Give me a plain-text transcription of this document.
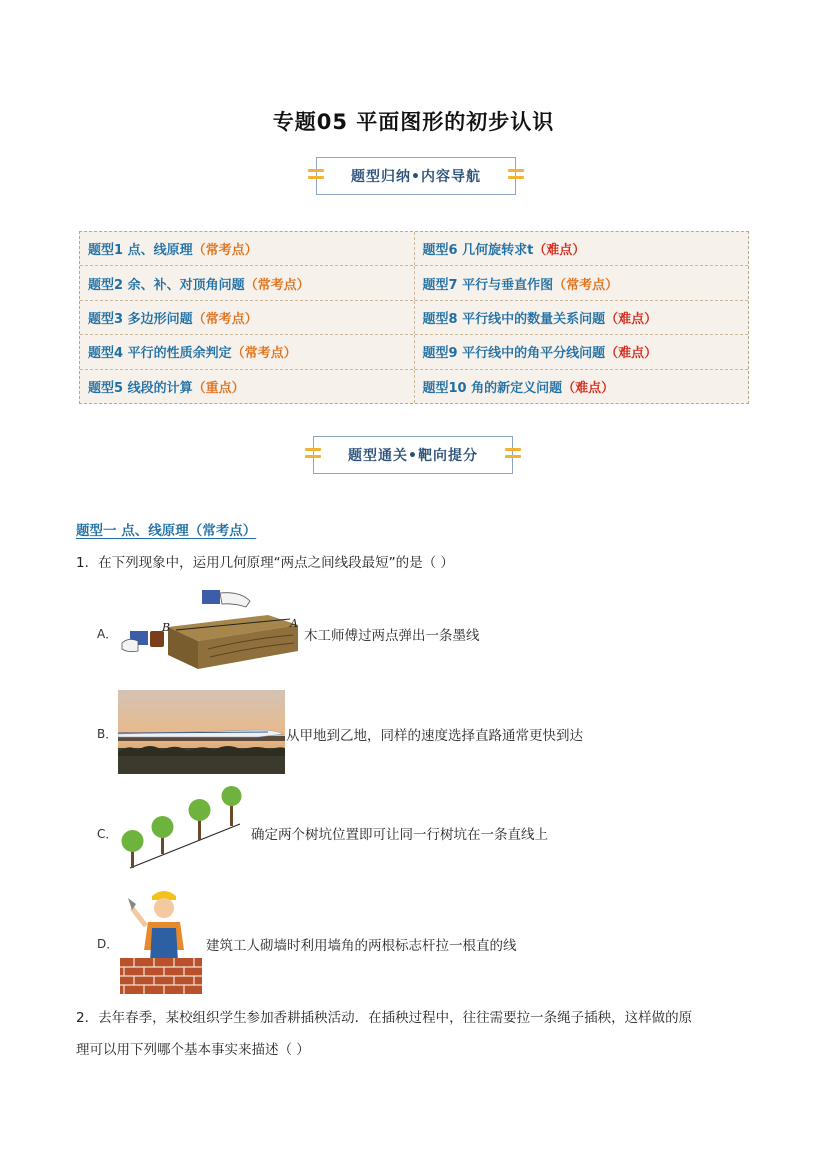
专题05 平面图形的初步认识
题型归纳•内容导航
题型1 点、线原理 （常考点）	题型6 几何旋转求t （难点）
题型2 余、补、对顶角问题 （常考点）	题型7 平行与垂直作图 （常考点）
题型3 多边形问题 （常考点）	题型8 平行线中的数量关系问题 （难点）
题型4 平行的性质余判定 （常考点）	题型9 平行线中的角平分线问题 （难点）
题型5 线段的计算 （重点）	题型10 角的新定义问题 （难点）
题型通关•靶向提分
题型一 点、线原理（常考点）
1．在下列现象中，运用几何原理“两点之间线段最短”的是（ ）
A．	B	A
木工师傅过两点弹出一条墨线
B．	从甲地到乙地，同样的速度选择直路通常更快到达
C．	确定两个树坑位置即可让同一行树坑在一条直线上
D．	建筑工人砌墙时利用墙角的两根标志杆拉一根直的线
2．去年春季，某校组织学生参加香耕插秧活动．在插秧过程中，往往需要拉一条绳子插秧，这样做的原
理可以用下列哪个基本事实来描述（ ）
